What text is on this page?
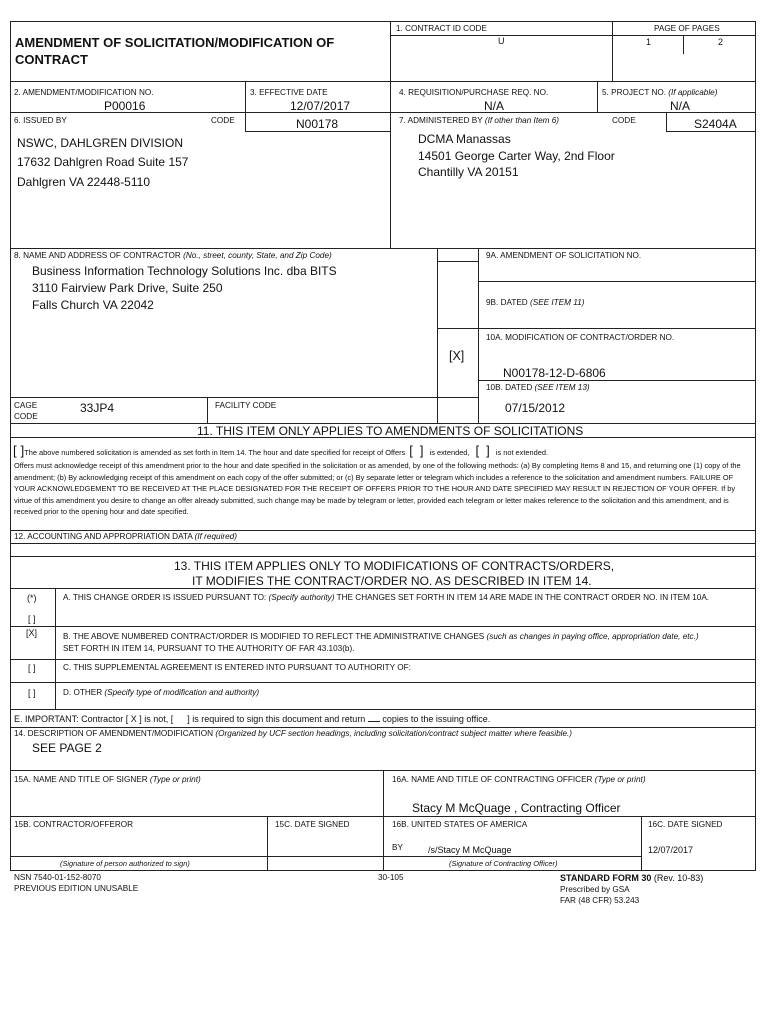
AMENDMENT OF SOLICITATION/MODIFICATION OF CONTRACT
1. CONTRACT ID CODE
U
PAGE OF PAGES
1	2
2. AMENDMENT/MODIFICATION NO.
P00016
3. EFFECTIVE DATE
12/07/2017
4. REQUISITION/PURCHASE REQ. NO.
N/A
5. PROJECT NO. (If applicable)
N/A
6. ISSUED BY	CODE	N00178
NSWC, DAHLGREN DIVISION
17632 Dahlgren Road Suite 157
Dahlgren VA 22448-5110
7. ADMINISTERED BY (If other than Item 6)	CODE	S2404A
DCMA Manassas
14501 George Carter Way, 2nd Floor
Chantilly VA 20151
8. NAME AND ADDRESS OF CONTRACTOR (No., street, county, State, and Zip Code)
Business Information Technology Solutions Inc. dba BITS
3110 Fairview Park Drive, Suite 250
Falls Church VA 22042
CAGE
CODE
33JP4	FACILITY CODE
[X]
9A. AMENDMENT OF SOLICITATION NO.
9B. DATED (SEE ITEM 11)
10A. MODIFICATION OF CONTRACT/ORDER NO.
N00178-12-D-6806
10B. DATED (SEE ITEM 13)
07/15/2012
11. THIS ITEM ONLY APPLIES TO AMENDMENTS OF SOLICITATIONS
[ ]The above numbered solicitation is amended as set forth in Item 14. The hour and date specified for receipt of Offers [ ] is extended, [ ] is not extended.
Offers must acknowledge receipt of this amendment prior to the hour and date specified in the solicitation or as amended, by one of the following methods: (a) By completing Items 8 and 15, and returning one (1) copy of the amendment; (b) By acknowledging receipt of this amendment on each copy of the offer submitted; or (c) By separate letter or telegram which includes a reference to the solicitation and amendment numbers. FAILURE OF YOUR ACKNOWLEDGEMENT TO BE RECEIVED AT THE PLACE DESIGNATED FOR THE RECEIPT OF OFFERS PRIOR TO THE HOUR AND DATE SPECIFIED MAY RESULT IN REJECTION OF YOUR OFFER. If by virtue of this amendment you desire to change an offer already submitted, such change may be made by telegram or letter, provided each telegram or letter makes reference to the solicitation and this amendment, and is received prior to the opening hour and date specified.
12. ACCOUNTING AND APPROPRIATION DATA (If required)
13. THIS ITEM APPLIES ONLY TO MODIFICATIONS OF CONTRACTS/ORDERS,
IT MODIFIES THE CONTRACT/ORDER NO. AS DESCRIBED IN ITEM 14.
(*)
[ ]
A. THIS CHANGE ORDER IS ISSUED PURSUANT TO: (Specify authority) THE CHANGES SET FORTH IN ITEM 14 ARE MADE IN THE CONTRACT ORDER NO. IN ITEM 10A.
[X]	B. THE ABOVE NUMBERED CONTRACT/ORDER IS MODIFIED TO REFLECT THE ADMINISTRATIVE CHANGES (such as changes in paying office, appropriation date, etc.)
SET FORTH IN ITEM 14, PURSUANT TO THE AUTHORITY OF FAR 43.103(b).
[ ]	C. THIS SUPPLEMENTAL AGREEMENT IS ENTERED INTO PURSUANT TO AUTHORITY OF:
[ ]	D. OTHER (Specify type of modification and authority)
E. IMPORTANT: Contractor [ X ] is not, [ ] is required to sign this document and return copies to the issuing office.
14. DESCRIPTION OF AMENDMENT/MODIFICATION (Organized by UCF section headings, including solicitation/contract subject matter where feasible.)
SEE PAGE 2
15A. NAME AND TITLE OF SIGNER (Type or print)	16A. NAME AND TITLE OF CONTRACTING OFFICER (Type or print)
Stacy M McQuage , Contracting Officer
15B. CONTRACTOR/OFFEROR	15C. DATE SIGNED	16B. UNITED STATES OF AMERICA	16C. DATE SIGNED
BY	/s/Stacy M McQuage	12/07/2017
(Signature of person authorized to sign)	(Signature of Contracting Officer)
NSN 7540-01-152-8070
PREVIOUS EDITION UNUSABLE
30-105	STANDARD FORM 30 (Rev. 10-83)
Prescribed by GSA
FAR (48 CFR) 53.243
